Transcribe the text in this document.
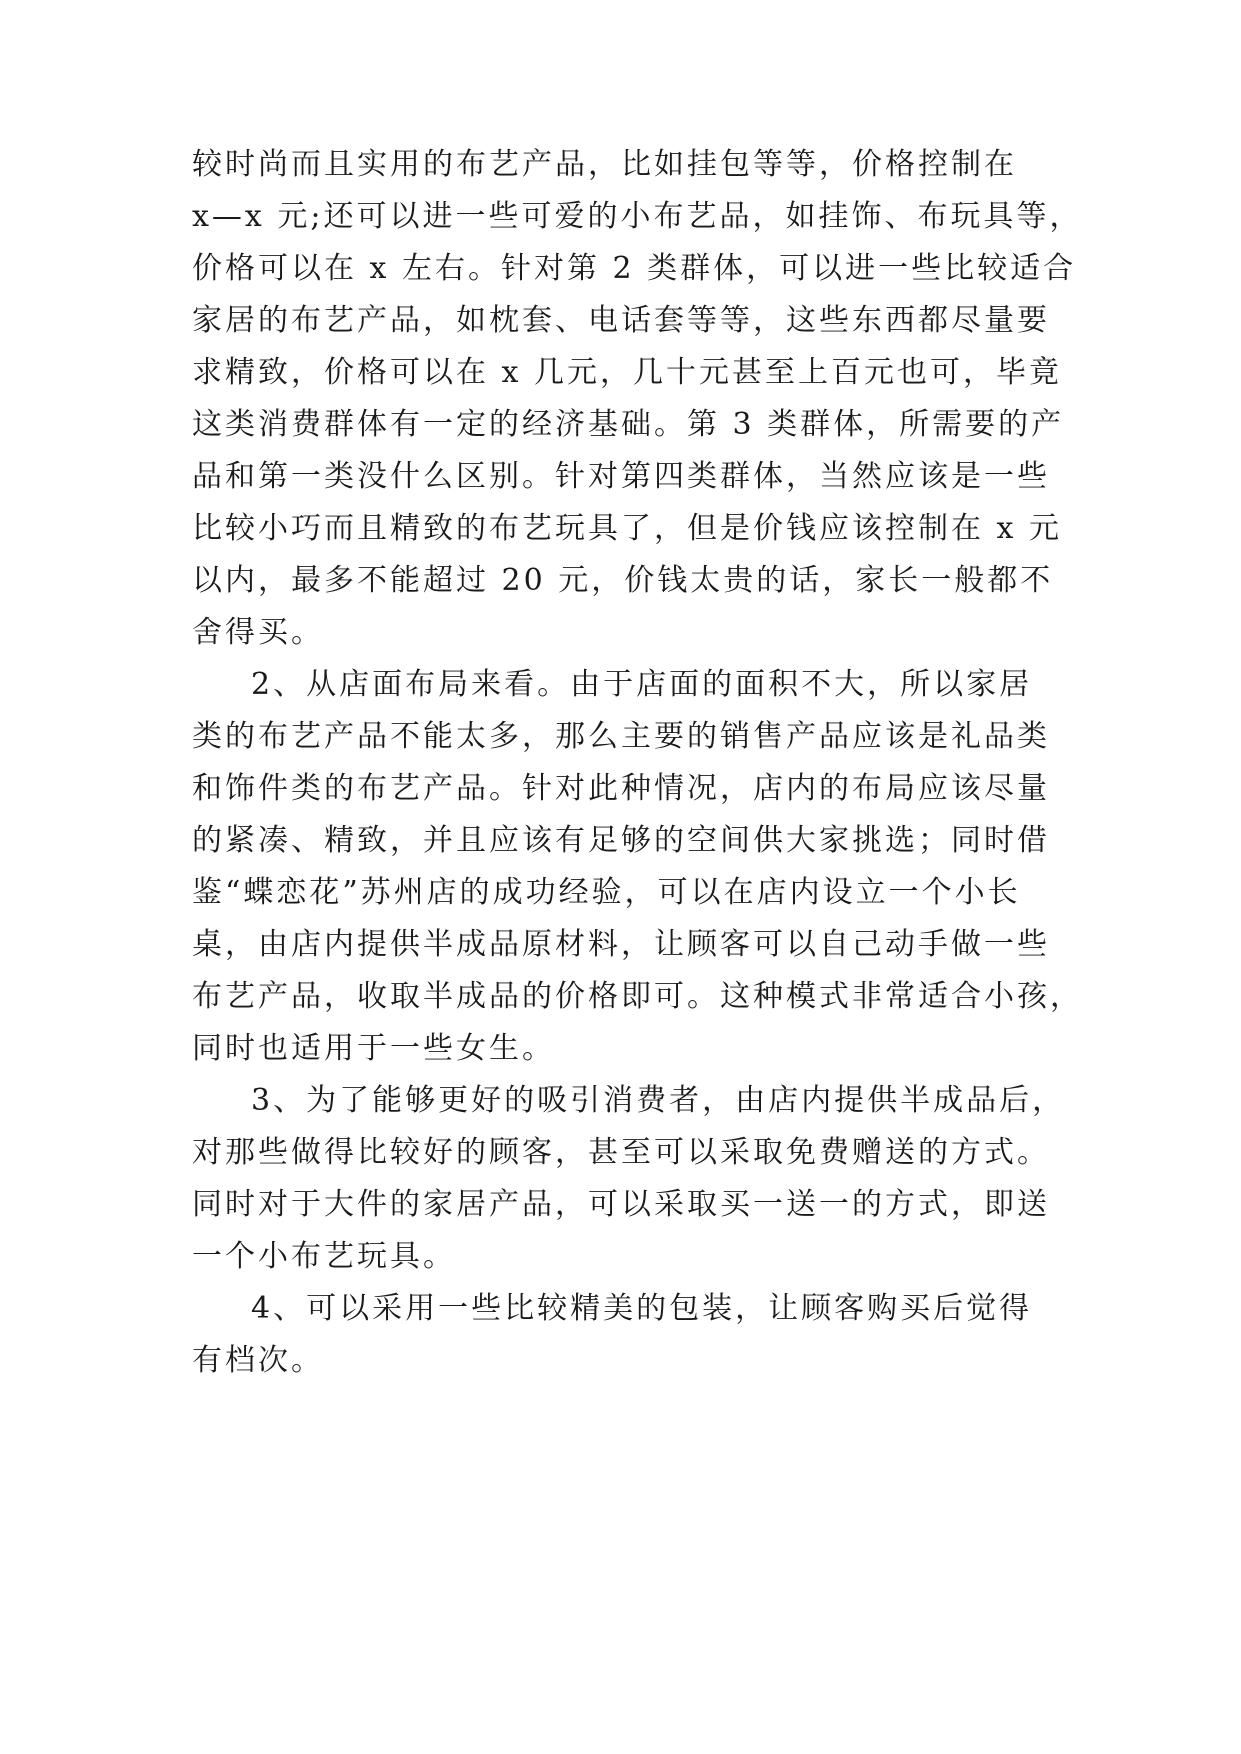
较时尚而且实用的布艺产品，比如挂包等等，价格控制在

x—x 元;还可以进一些可爱的小布艺品，如挂饰、布玩具等，

价格可以在 x 左右。针对第 2 类群体，可以进一些比较适合

家居的布艺产品，如枕套、电话套等等，这些东西都尽量要

求精致，价格可以在 x 几元，几十元甚至上百元也可，毕竟

这类消费群体有一定的经济基础。第 3 类群体，所需要的产

品和第一类没什么区别。针对第四类群体，当然应该是一些

比较小巧而且精致的布艺玩具了，但是价钱应该控制在 x 元

以内，最多不能超过 20 元，价钱太贵的话，家长一般都不

舍得买。

2、从店面布局来看。由于店面的面积不大，所以家居

类的布艺产品不能太多，那么主要的销售产品应该是礼品类

和饰件类的布艺产品。针对此种情况，店内的布局应该尽量

的紧凑、精致，并且应该有足够的空间供大家挑选；同时借

鉴“蝶恋花”苏州店的成功经验，可以在店内设立一个小长

桌，由店内提供半成品原材料，让顾客可以自己动手做一些

布艺产品，收取半成品的价格即可。这种模式非常适合小孩，

同时也适用于一些女生。

3、为了能够更好的吸引消费者，由店内提供半成品后，

对那些做得比较好的顾客，甚至可以采取免费赠送的方式。

同时对于大件的家居产品，可以采取买一送一的方式，即送

一个小布艺玩具。

4、可以采用一些比较精美的包装，让顾客购买后觉得

有档次。
